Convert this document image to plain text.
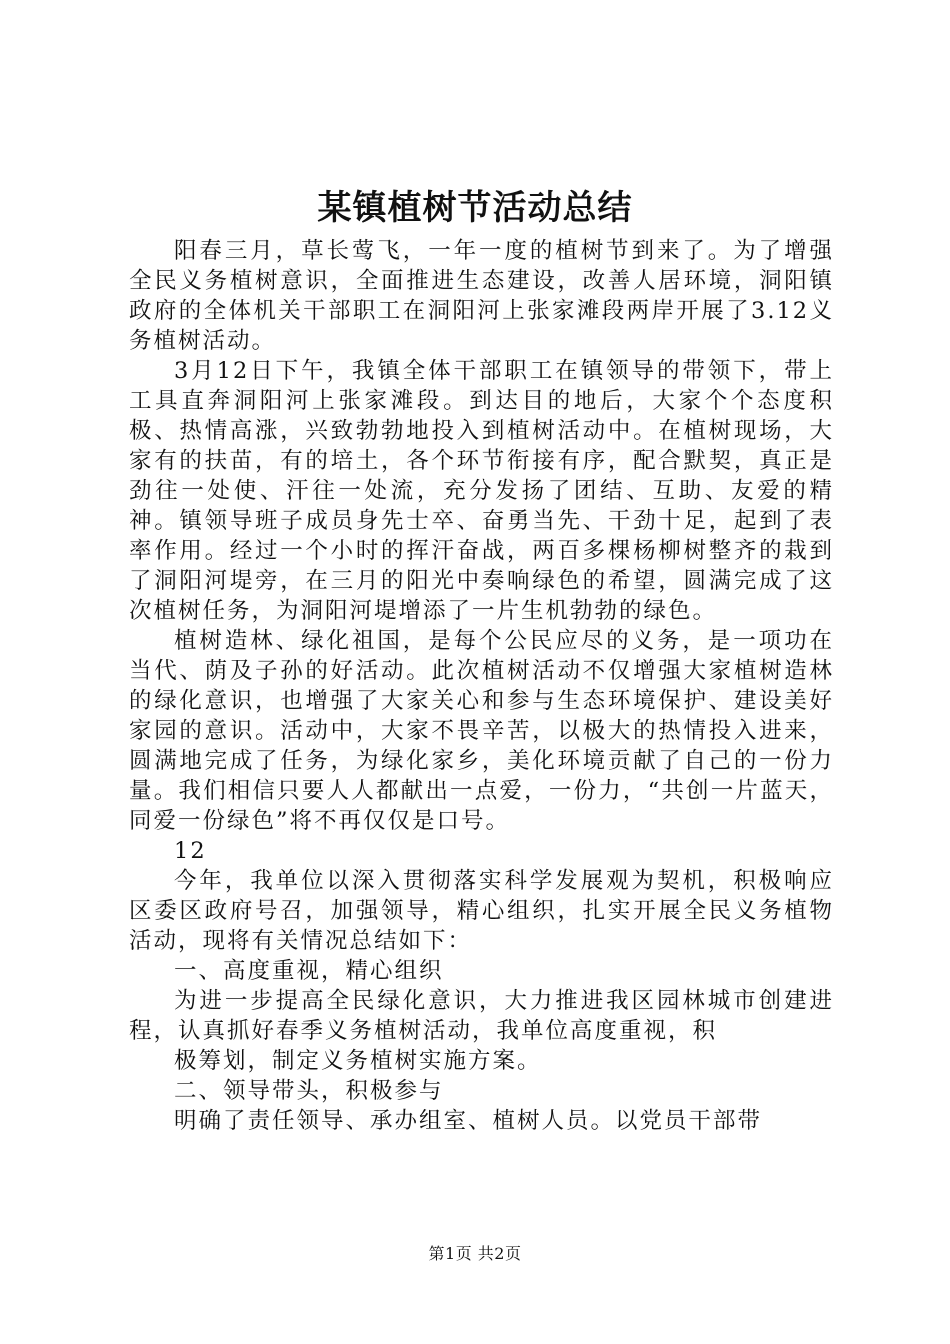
某镇植树节活动总结

阳春三月，草长莺飞，一年一度的植树节到来了。为了增强全民义务植树意识，全面推进生态建设，改善人居环境，洞阳镇政府的全体机关干部职工在洞阳河上张家滩段两岸开展了3.12义务植树活动。

3月12日下午，我镇全体干部职工在镇领导的带领下，带上工具直奔洞阳河上张家滩段。到达目的地后，大家个个态度积极、热情高涨，兴致勃勃地投入到植树活动中。在植树现场，大家有的扶苗，有的培土，各个环节衔接有序，配合默契，真正是劲往一处使、汗往一处流，充分发扬了团结、互助、友爱的精神。镇领导班子成员身先士卒、奋勇当先、干劲十足，起到了表率作用。经过一个小时的挥汗奋战，两百多棵杨柳树整齐的栽到了洞阳河堤旁，在三月的阳光中奏响绿色的希望，圆满完成了这次植树任务，为洞阳河堤增添了一片生机勃勃的绿色。

植树造林、绿化祖国，是每个公民应尽的义务，是一项功在当代、荫及子孙的好活动。此次植树活动不仅增强大家植树造林的绿化意识，也增强了大家关心和参与生态环境保护、建设美好家园的意识。活动中，大家不畏辛苦，以极大的热情投入进来，圆满地完成了任务，为绿化家乡，美化环境贡献了自己的一份力量。我们相信只要人人都献出一点爱，一份力，“共创一片蓝天，同爱一份绿色”将不再仅仅是口号。

12

今年，我单位以深入贯彻落实科学发展观为契机，积极响应区委区政府号召，加强领导，精心组织，扎实开展全民义务植物活动，现将有关情况总结如下：

一、高度重视，精心组织

为进一步提高全民绿化意识，大力推进我区园林城市创建进程，认真抓好春季义务植树活动，我单位高度重视，积

极筹划，制定义务植树实施方案。

二、领导带头，积极参与

明确了责任领导、承办组室、植树人员。以党员干部带

第1页 共2页
